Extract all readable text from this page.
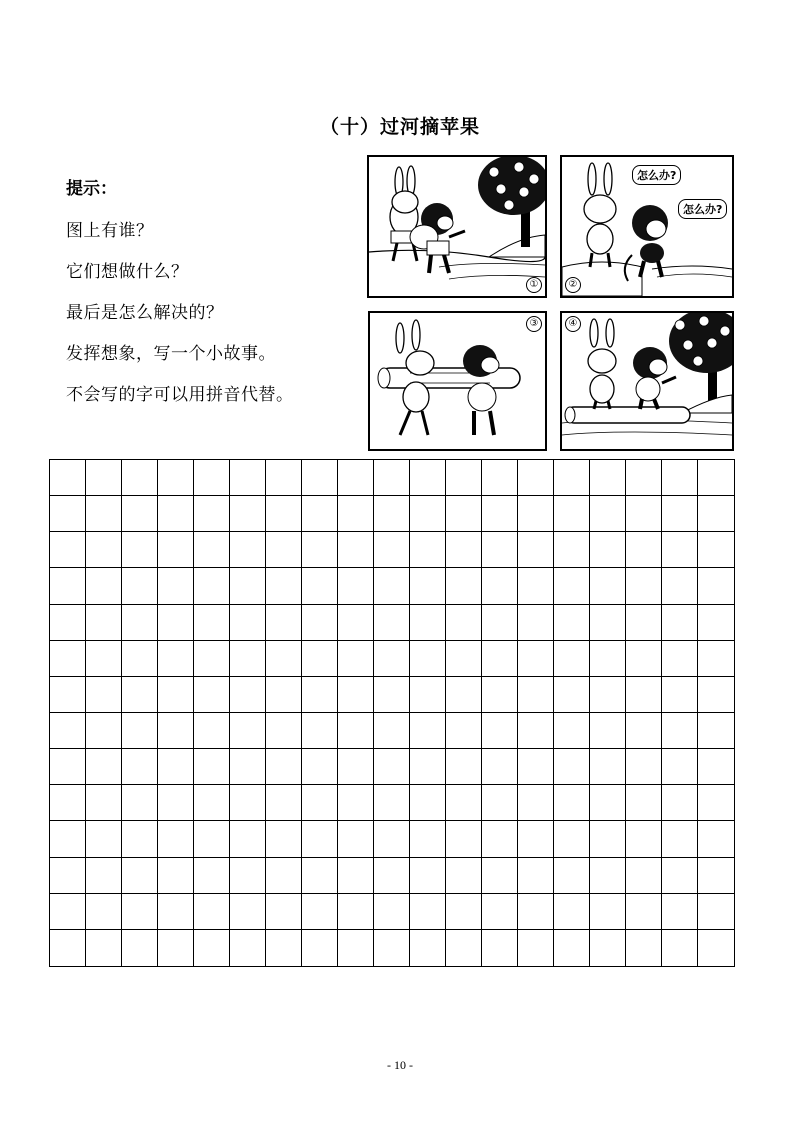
（十）过河摘苹果
提示：
图上有谁？
它们想做什么？
最后是怎么解决的？
发挥想象，写一个小故事。
不会写的字可以用拼音代替。
①
怎么办?
怎么办?
②
③	④
- 10 -
